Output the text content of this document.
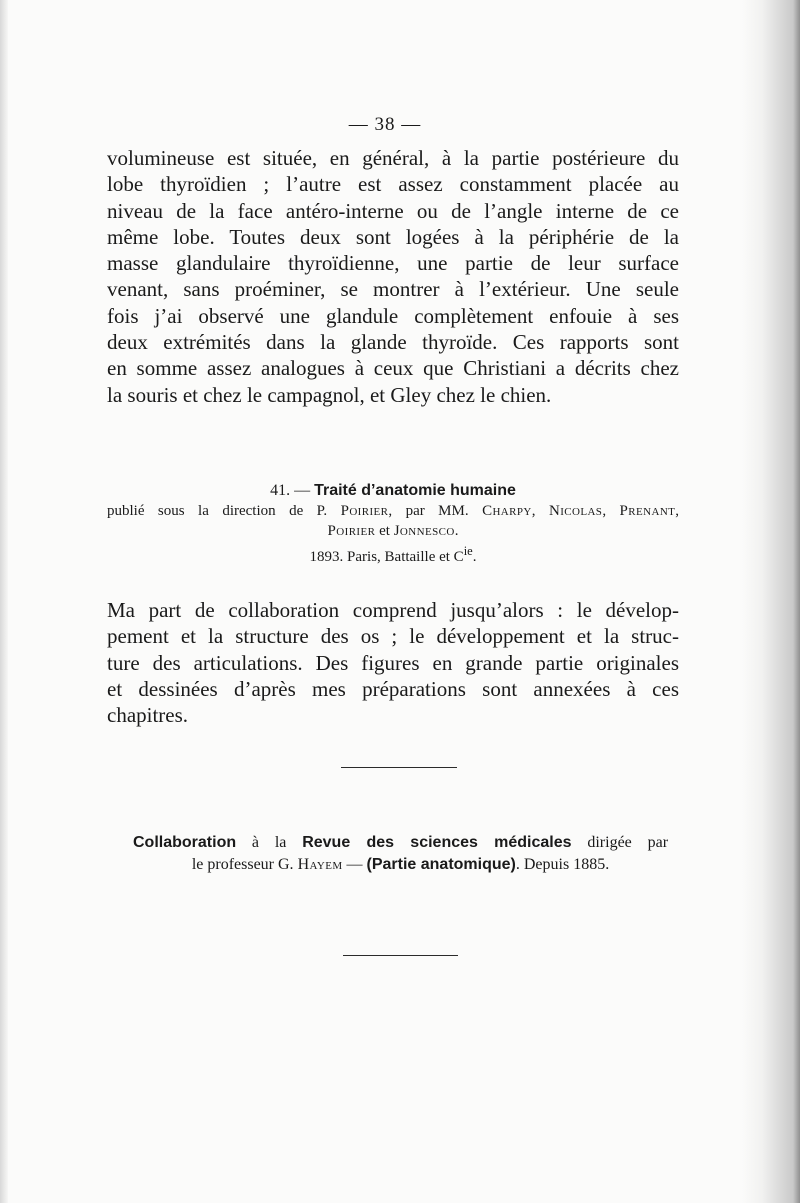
— 38 —
volumineuse est située, en général, à la partie postérieure du
lobe thyroïdien ; l’autre est assez constamment placée au
niveau de la face antéro-interne ou de l’angle interne de ce
même lobe. Toutes deux sont logées à la périphérie de la
masse glandulaire thyroïdienne, une partie de leur surface
venant, sans proéminer, se montrer à l’extérieur. Une seule
fois j’ai observé une glandule complètement enfouie à ses
deux extrémités dans la glande thyroïde. Ces rapports sont
en somme assez analogues à ceux que Christiani a décrits chez
la souris et chez le campagnol, et Gley chez le chien.
41. — Traité d’anatomie humaine
publié sous la direction de P. Poirier, par MM. Charpy, Nicolas, Prenant,
Poirier et Jonnesco.
1893. Paris, Battaille et $C^{ie}$.
Ma part de collaboration comprend jusqu’alors : le dévelop-
pement et la structure des os ; le développement et la struc-
ture des articulations. Des figures en grande partie originales
et dessinées d’après mes préparations sont annexées à ces
chapitres.
Collaboration à la Revue des sciences médicales dirigée par
le professeur G. Hayem — (Partie anatomique). Depuis 1885.
